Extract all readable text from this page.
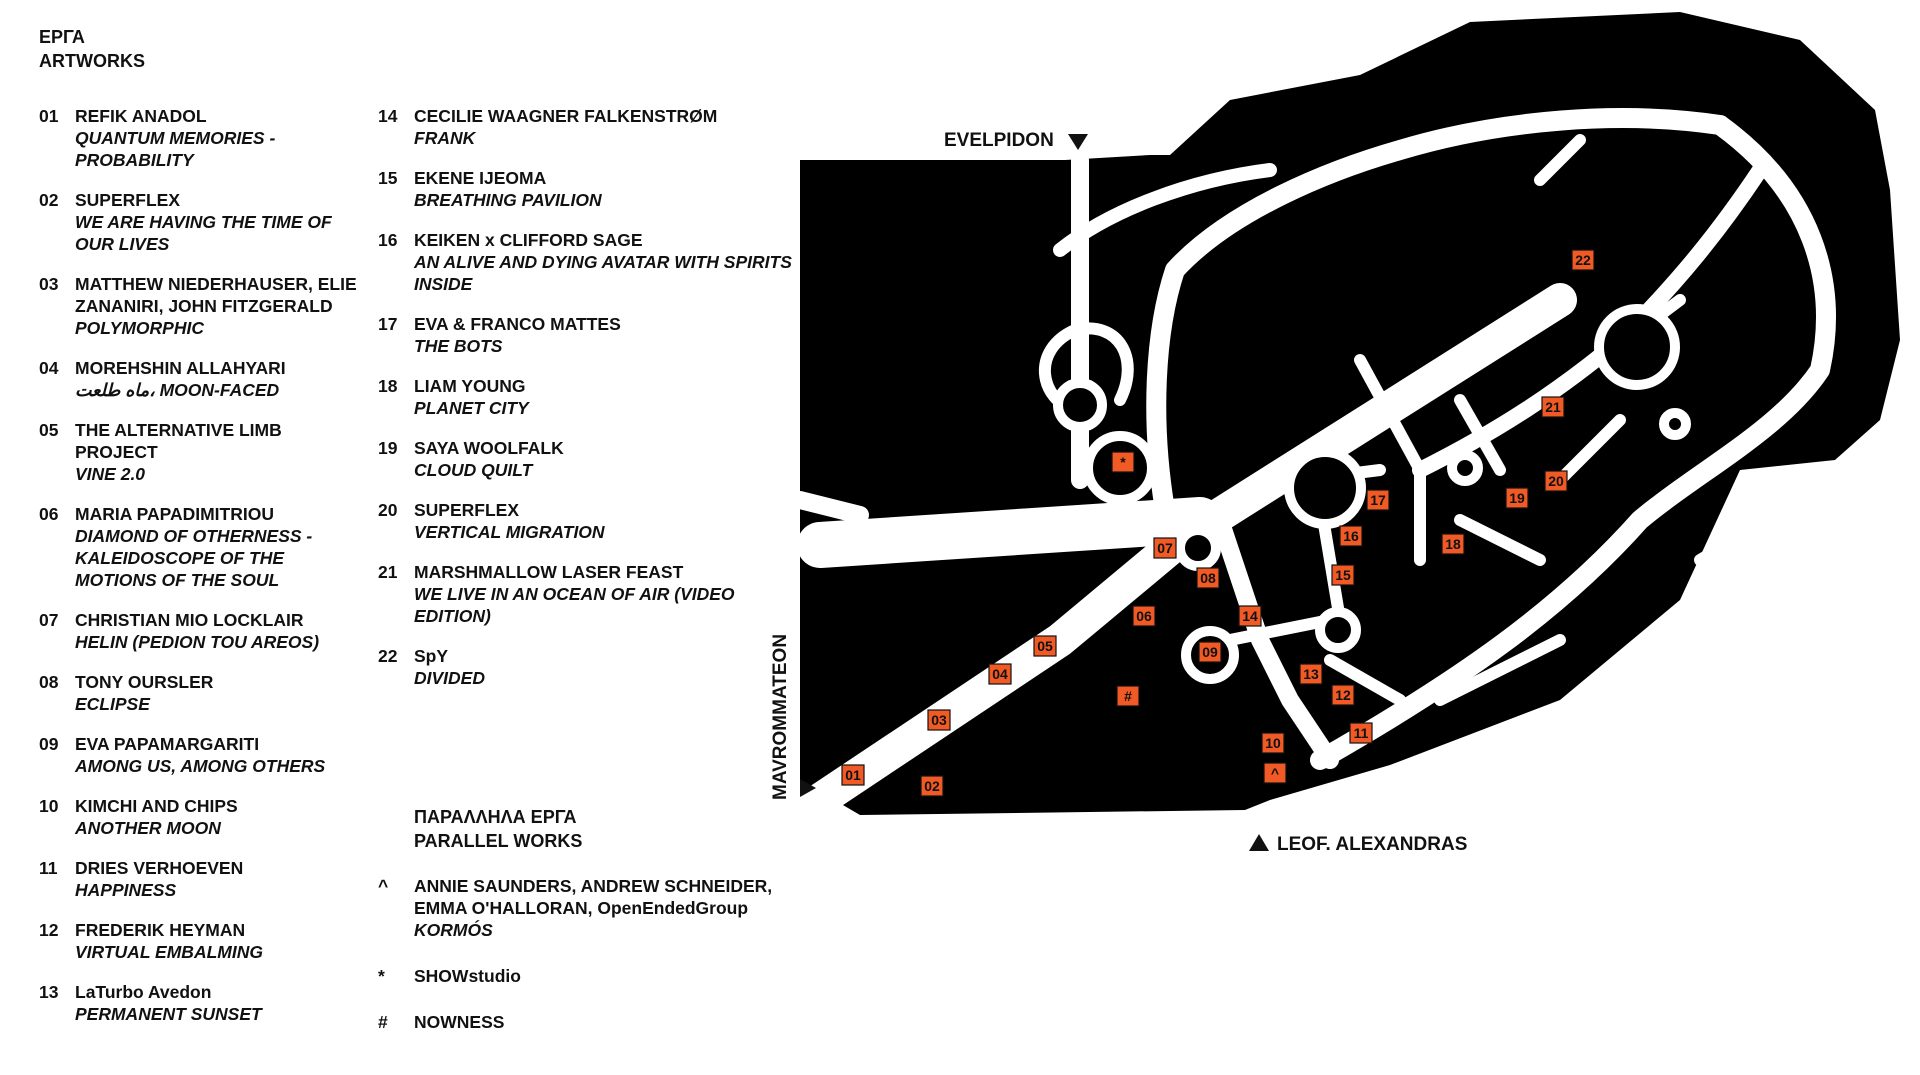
ΕΡΓΑ
ARTWORKS
01 REFIK ANADOL
QUANTUM MEMORIES - PROBABILITY
02 SUPERFLEX
WE ARE HAVING THE TIME OF OUR LIVES
03 MATTHEW NIEDERHAUSER, ELIE ZANANIRI, JOHN FITZGERALD
POLYMORPHIC
04 MOREHSHIN ALLAHYARI
ماه طلعت، MOON-FACED
05 THE ALTERNATIVE LIMB PROJECT
VINE 2.0
06 MARIA PAPADIMITRIOU
DIAMOND OF OTHERNESS - KALEIDOSCOPE OF THE MOTIONS OF THE SOUL
07 CHRISTIAN MIO LOCKLAIR
HELIN (PEDION TOU AREOS)
08 TONY OURSLER
ECLIPSE
09 EVA PAPAMARGARITI
AMONG US, AMONG OTHERS
10 KIMCHI AND CHIPS
ANOTHER MOON
11	DRIES VERHOEVEN
HAPPINESS
12 FREDERIK HEYMAN
VIRTUAL EMBALMING
13 LaTurbo Avedon
PERMANENT SUNSET
14 CECILIE WAAGNER FALKENSTRØM
FRANK
15 EKENE IJEOMA
BREATHING PAVILION
16 KEIKEN x CLIFFORD SAGE
AN ALIVE AND DYING AVATAR WITH SPIRITS INSIDE
17 EVA & FRANCO MATTES
THE BOTS
18 LIAM YOUNG
PLANET CITY
19 SAYA WOOLFALK
CLOUD QUILT
20 SUPERFLEX
VERTICAL MIGRATION
21 MARSHMALLOW LASER FEAST
WE LIVE IN AN OCEAN OF AIR (VIDEO EDITION)
22 SpY
DIVIDED
ΠΑΡΑΛΛΗΛΑ ΕΡΓΑ
PARALLEL WORKS
^	ANNIE SAUNDERS, ANDREW SCHNEIDER, EMMA O'HALLORAN, OpenEndedGroup
KORMÓS
*	SHOWstudio
#	NOWNESS
EVELPIDON
MAVROMMATEON
LEOF. ALEXANDRAS
01
02
03
04
05
06
07
08
09
10
11
12
13
14
15
16
17
18
19
20
21
22
*
#
^
